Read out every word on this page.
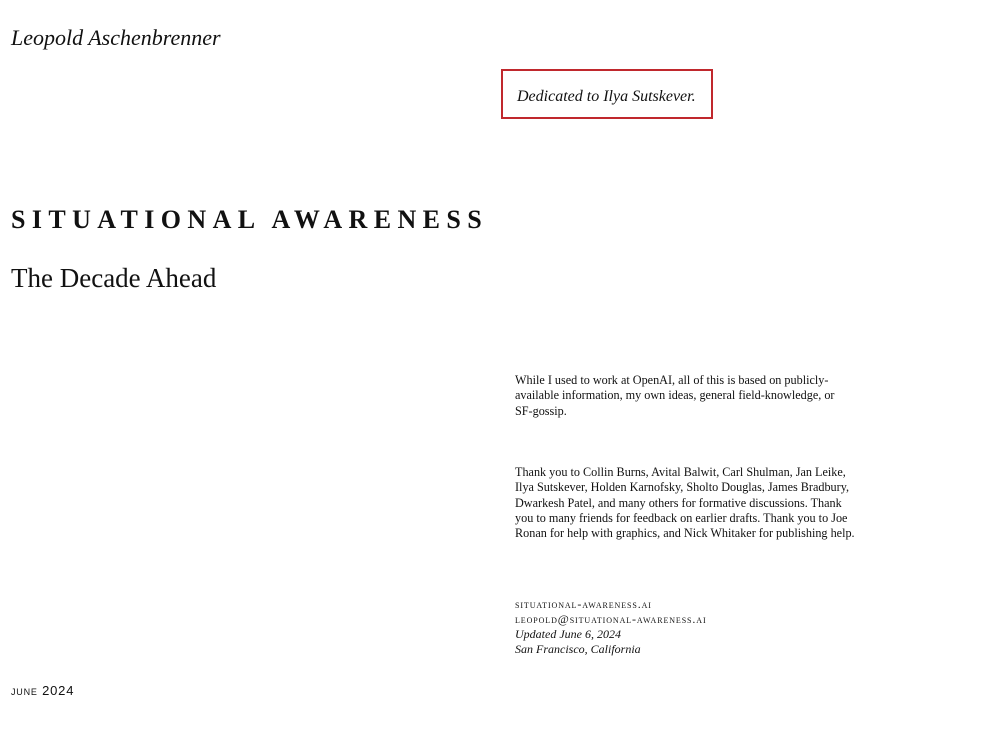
Leopold Aschenbrenner
Dedicated to Ilya Sutskever.
SITUATIONAL AWARENESS
The Decade Ahead
While I used to work at OpenAI, all of this is based on publicly-available information, my own ideas, general field-knowledge, or SF-gossip.
Thank you to Collin Burns, Avital Balwit, Carl Shulman, Jan Leike, Ilya Sutskever, Holden Karnofsky, Sholto Douglas, James Bradbury, Dwarkesh Patel, and many others for formative discussions. Thank you to many friends for feedback on earlier drafts. Thank you to Joe Ronan for help with graphics, and Nick Whitaker for publishing help.
situational-awareness.ai
leopold@situational-awareness.ai
Updated June 6, 2024
San Francisco, California
june 2024
